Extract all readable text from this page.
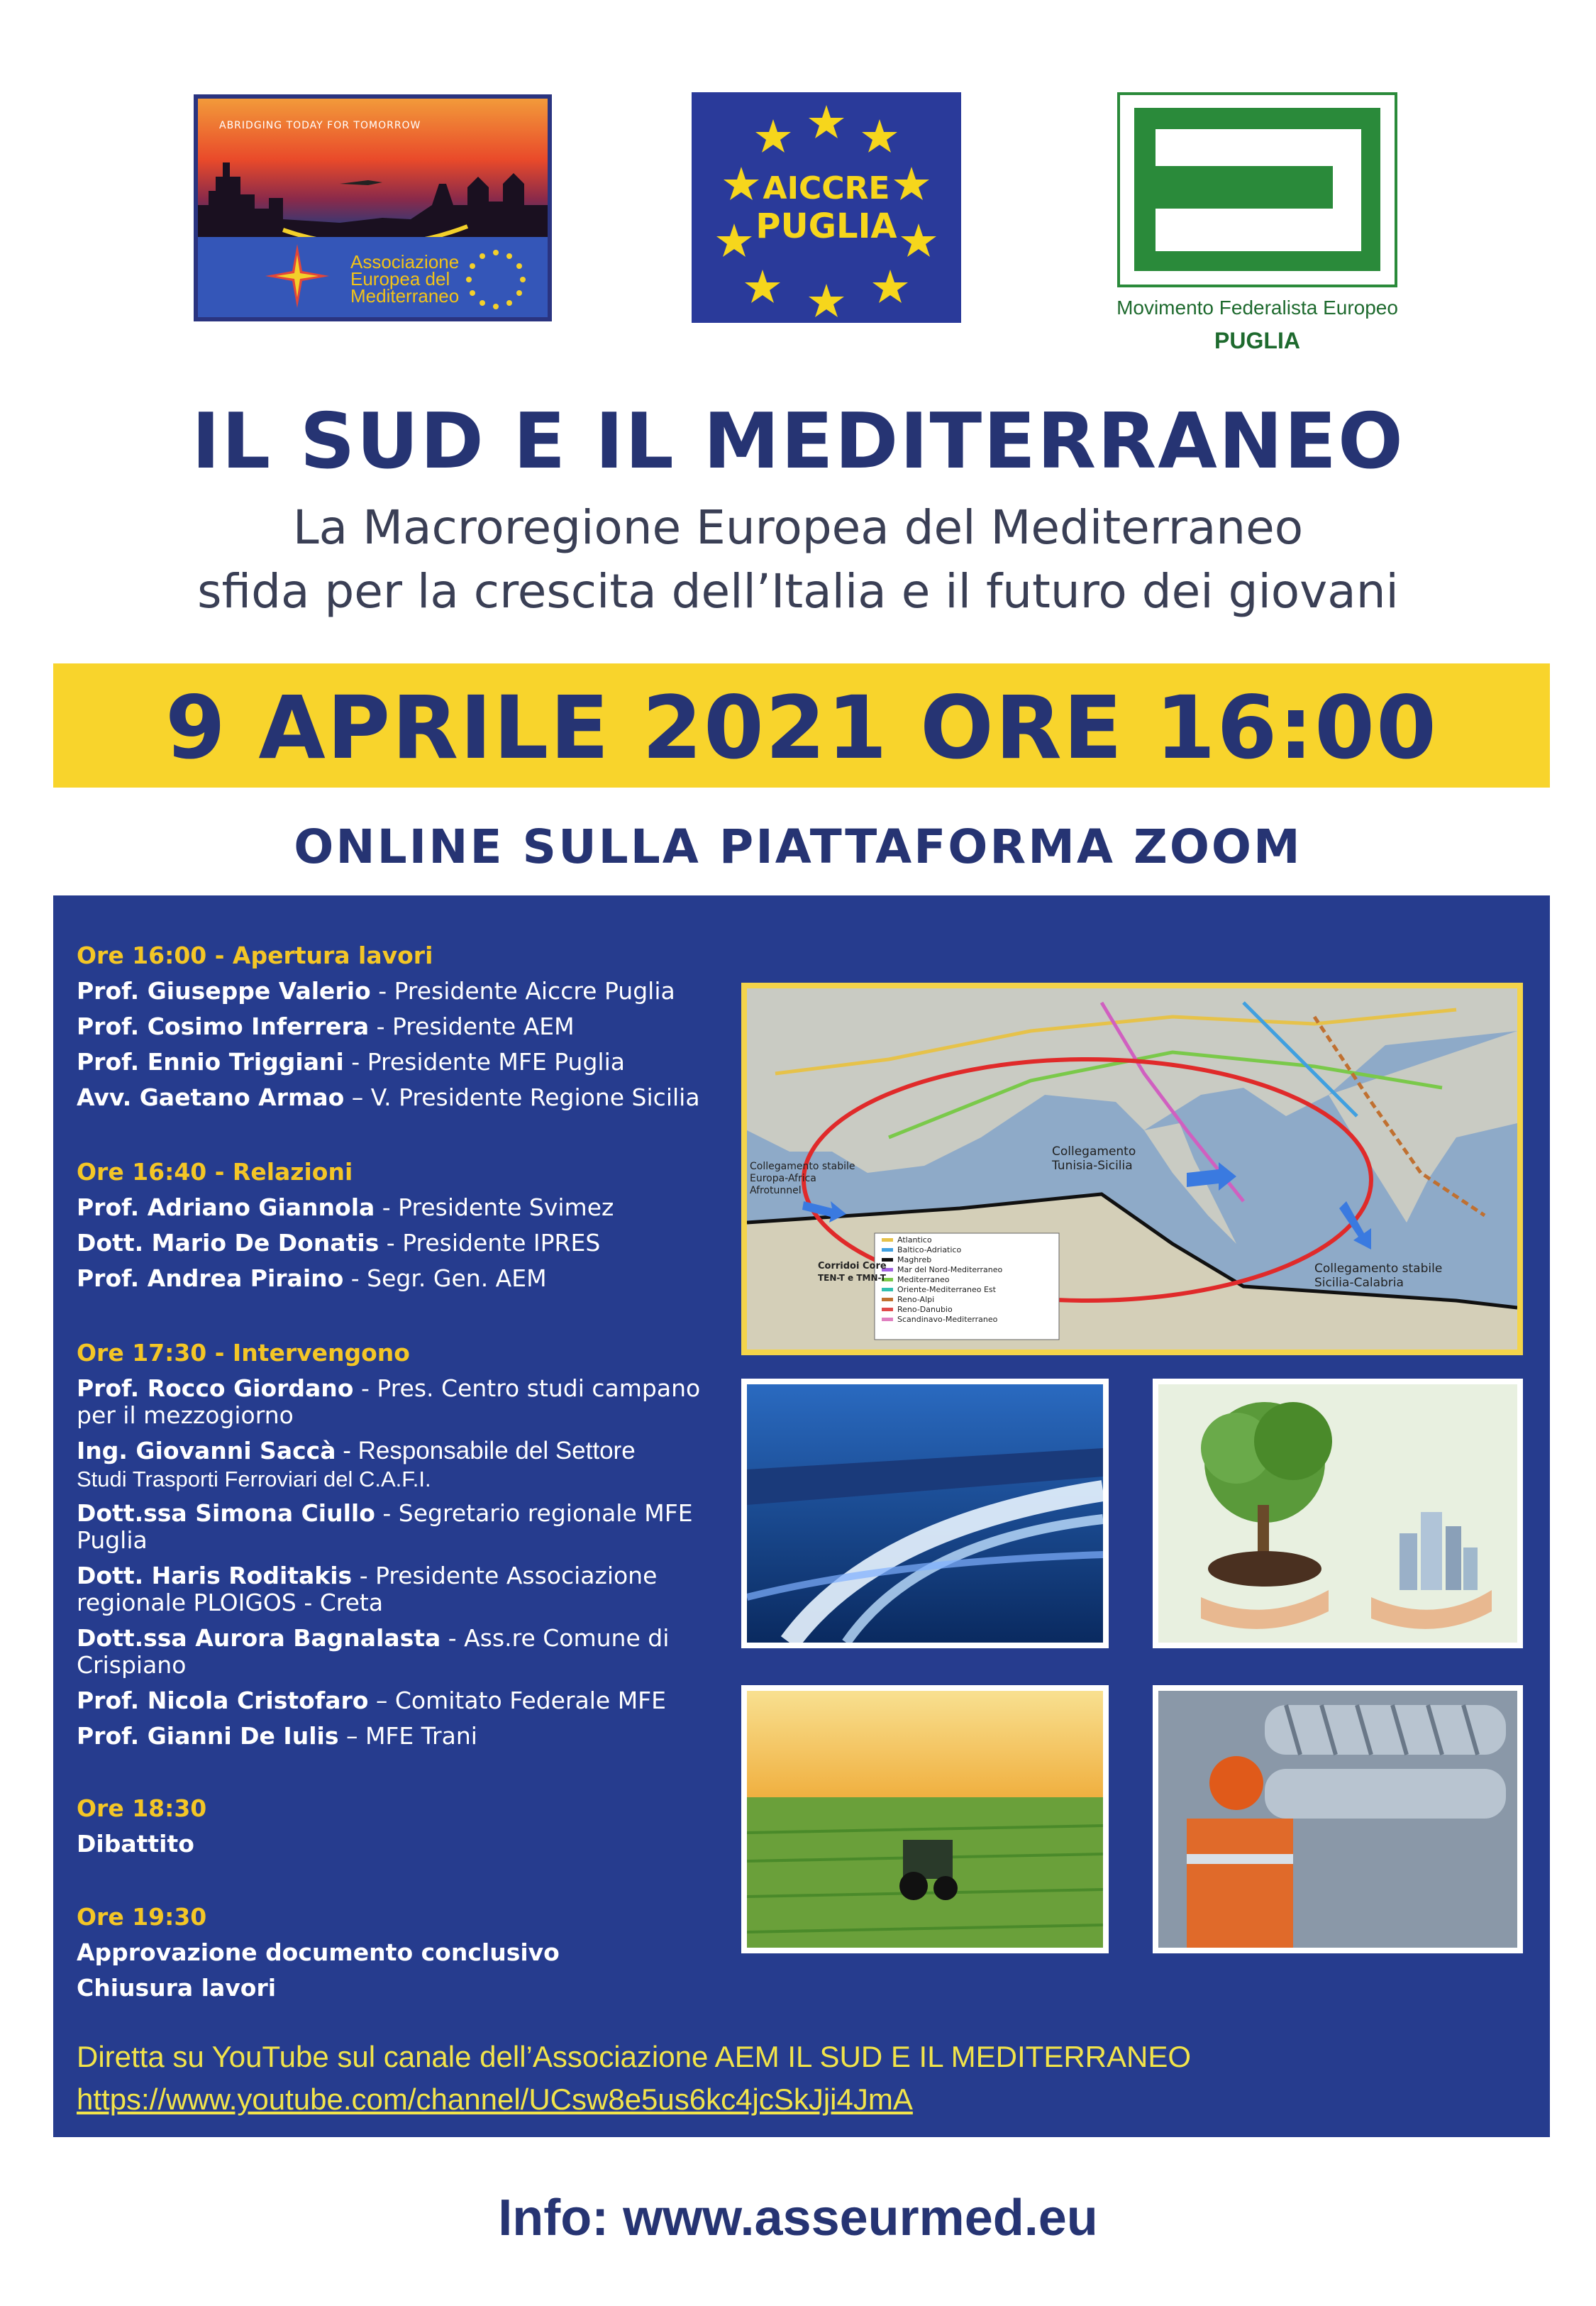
ABRIDGING TODAY FOR TOMORROW
Associazione
Europea del
Mediterraneo
AICCRE
PUGLIA
Movimento Federalista Europeo
PUGLIA
IL SUD E IL MEDITERRANEO
La Macroregione Europea del Mediterraneo
sfida per la crescita dell’Italia e il futuro dei giovani
9 APRILE 2021 ORE 16:00
ONLINE SULLA PIATTAFORMA ZOOM
Ore 16:00 - Apertura lavori
Prof. Giuseppe Valerio - Presidente Aiccre Puglia
Prof. Cosimo Inferrera - Presidente AEM
Prof. Ennio Triggiani - Presidente MFE Puglia
Avv. Gaetano Armao – V. Presidente Regione Sicilia
Ore 16:40 - Relazioni
Prof. Adriano Giannola - Presidente Svimez
Dott. Mario De Donatis - Presidente IPRES
Prof. Andrea Piraino - Segr. Gen. AEM
Ore 17:30 - Intervengono
Prof. Rocco Giordano - Pres. Centro studi campano
per il mezzogiorno
Ing. Giovanni Saccà - Responsabile del Settore
Studi Trasporti Ferroviari del C.A.F.I.
Dott.ssa Simona Ciullo - Segretario regionale MFE
Puglia
Dott. Haris Roditakis - Presidente Associazione
regionale PLOIGOS - Creta
Dott.ssa Aurora Bagnalasta - Ass.re Comune di
Crispiano
Prof. Nicola Cristofaro – Comitato Federale MFE
Prof. Gianni De Iulis – MFE Trani
Ore 18:30
Dibattito
Ore 19:30
Approvazione documento conclusivo
Chiusura lavori
Atlantico
Baltico-Adriatico
Maghreb
Mar del Nord-Mediterraneo
Mediterraneo
Oriente-Mediterraneo Est
Reno-Alpi
Reno-Danubio
Scandinavo-Mediterraneo
Corridoi Core
TEN-T e TMN-T
Collegamento
Tunisia-Sicilia
Collegamento stabile
Europa-Africa
Afrotunnel
Collegamento stabile
Sicilia-Calabria
Diretta su YouTube sul canale dell’Associazione AEM IL SUD E IL MEDITERRANEO
https://www.youtube.com/channel/UCsw8e5us6kc4jcSkJji4JmA
Info: www.asseurmed.eu
